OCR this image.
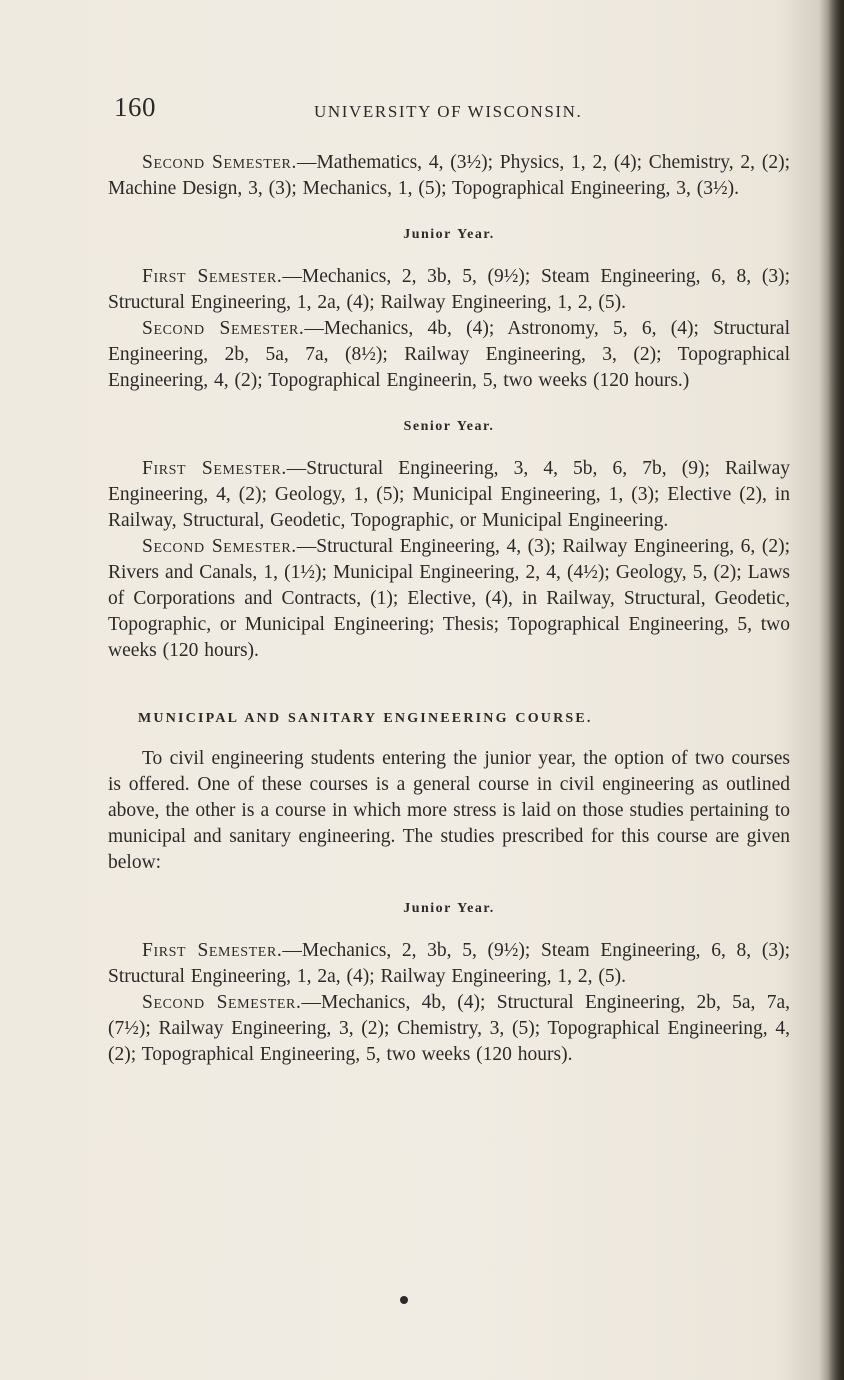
160	UNIVERSITY OF WISCONSIN.

Second Semester.—Mathematics, 4, (3½); Physics, 1, 2, (4); Chemistry, 2, (2); Machine Design, 3, (3); Mechanics, 1, (5); Topographical Engineering, 3, (3½).

Junior Year.

First Semester.—Mechanics, 2, 3b, 5, (9½); Steam Engineering, 6, 8, (3); Structural Engineering, 1, 2a, (4); Railway Engineering, 1, 2, (5).

Second Semester.—Mechanics, 4b, (4); Astronomy, 5, 6, (4); Structural Engineering, 2b, 5a, 7a, (8½); Railway Engineering, 3, (2); Topographical Engineering, 4, (2); Topographical Engineerin, 5, two weeks (120 hours.)

Senior Year.

First Semester.—Structural Engineering, 3, 4, 5b, 6, 7b, (9); Railway Engineering, 4, (2); Geology, 1, (5); Municipal Engineering, 1, (3); Elective (2), in Railway, Structural, Geodetic, Topographic, or Municipal Engineering.

Second Semester.—Structural Engineering, 4, (3); Railway Engineering, 6, (2); Rivers and Canals, 1, (1½); Municipal Engineering, 2, 4, (4½); Geology, 5, (2); Laws of Corporations and Contracts, (1); Elective, (4), in Railway, Structural, Geodetic, Topographic, or Municipal Engineering; Thesis; Topographical Engineering, 5, two weeks (120 hours).

MUNICIPAL AND SANITARY ENGINEERING COURSE.

To civil engineering students entering the junior year, the option of two courses is offered. One of these courses is a general course in civil engineering as outlined above, the other is a course in which more stress is laid on those studies pertaining to municipal and sanitary engineering. The studies prescribed for this course are given below:

Junior Year.

First Semester.—Mechanics, 2, 3b, 5, (9½); Steam Engineering, 6, 8, (3); Structural Engineering, 1, 2a, (4); Railway Engineering, 1, 2, (5).

Second Semester.—Mechanics, 4b, (4); Structural Engineering, 2b, 5a, 7a, (7½); Railway Engineering, 3, (2); Chemistry, 3, (5); Topographical Engineering, 4, (2); Topographical Engineering, 5, two weeks (120 hours).
